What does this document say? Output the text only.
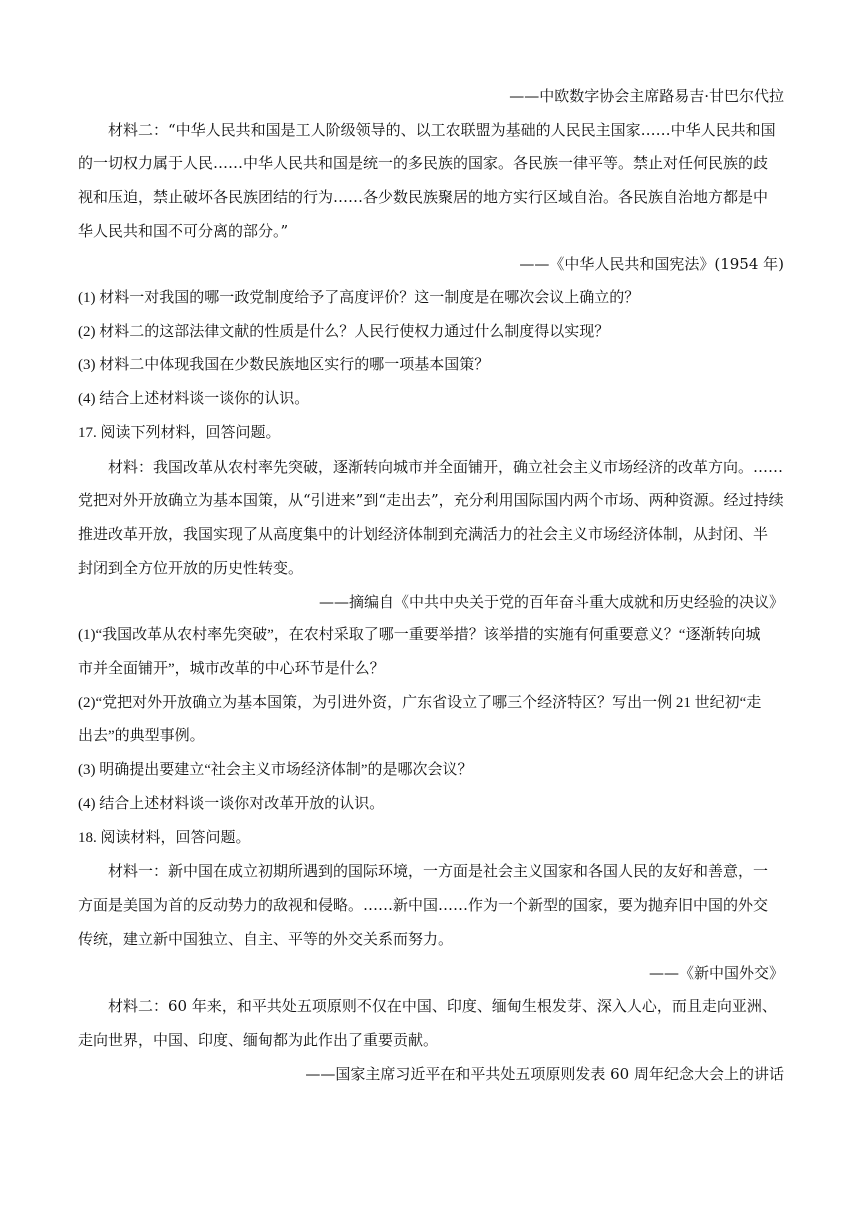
——中欧数字协会主席路易吉·甘巴尔代拉
材料二：“中华人民共和国是工人阶级领导的、以工农联盟为基础的人民民主国家……中华人民共和国
的一切权力属于人民……中华人民共和国是统一的多民族的国家。各民族一律平等。禁止对任何民族的歧
视和压迫，禁止破坏各民族团结的行为……各少数民族聚居的地方实行区域自治。各民族自治地方都是中
华人民共和国不可分离的部分。”
——《中华人民共和国宪法》(1954 年)
(1) 材料一对我国的哪一政党制度给予了高度评价？这一制度是在哪次会议上确立的？
(2) 材料二的这部法律文献的性质是什么？人民行使权力通过什么制度得以实现？
(3) 材料二中体现我国在少数民族地区实行的哪一项基本国策？
(4) 结合上述材料谈一谈你的认识。
17. 阅读下列材料，回答问题。
材料：我国改革从农村率先突破，逐渐转向城市并全面铺开，确立社会主义市场经济的改革方向。……
党把对外开放确立为基本国策，从“引进来”到“走出去”，充分利用国际国内两个市场、两种资源。经过持续
推进改革开放，我国实现了从高度集中的计划经济体制到充满活力的社会主义市场经济体制，从封闭、半
封闭到全方位开放的历史性转变。
——摘编自《中共中央关于党的百年奋斗重大成就和历史经验的决议》
(1)“我国改革从农村率先突破”，在农村采取了哪一重要举措？该举措的实施有何重要意义？“逐渐转向城
市并全面铺开”，城市改革的中心环节是什么？
(2)“党把对外开放确立为基本国策，为引进外资，广东省设立了哪三个经济特区？写出一例 21 世纪初“走
出去”的典型事例。
(3) 明确提出要建立“社会主义市场经济体制”的是哪次会议？
(4) 结合上述材料谈一谈你对改革开放的认识。
18. 阅读材料，回答问题。
材料一：新中国在成立初期所遇到的国际环境，一方面是社会主义国家和各国人民的友好和善意，一
方面是美国为首的反动势力的敌视和侵略。……新中国……作为一个新型的国家，要为抛弃旧中国的外交
传统，建立新中国独立、自主、平等的外交关系而努力。
——《新中国外交》
材料二：60 年来，和平共处五项原则不仅在中国、印度、缅甸生根发芽、深入人心，而且走向亚洲、
走向世界，中国、印度、缅甸都为此作出了重要贡献。
——国家主席习近平在和平共处五项原则发表 60 周年纪念大会上的讲话
